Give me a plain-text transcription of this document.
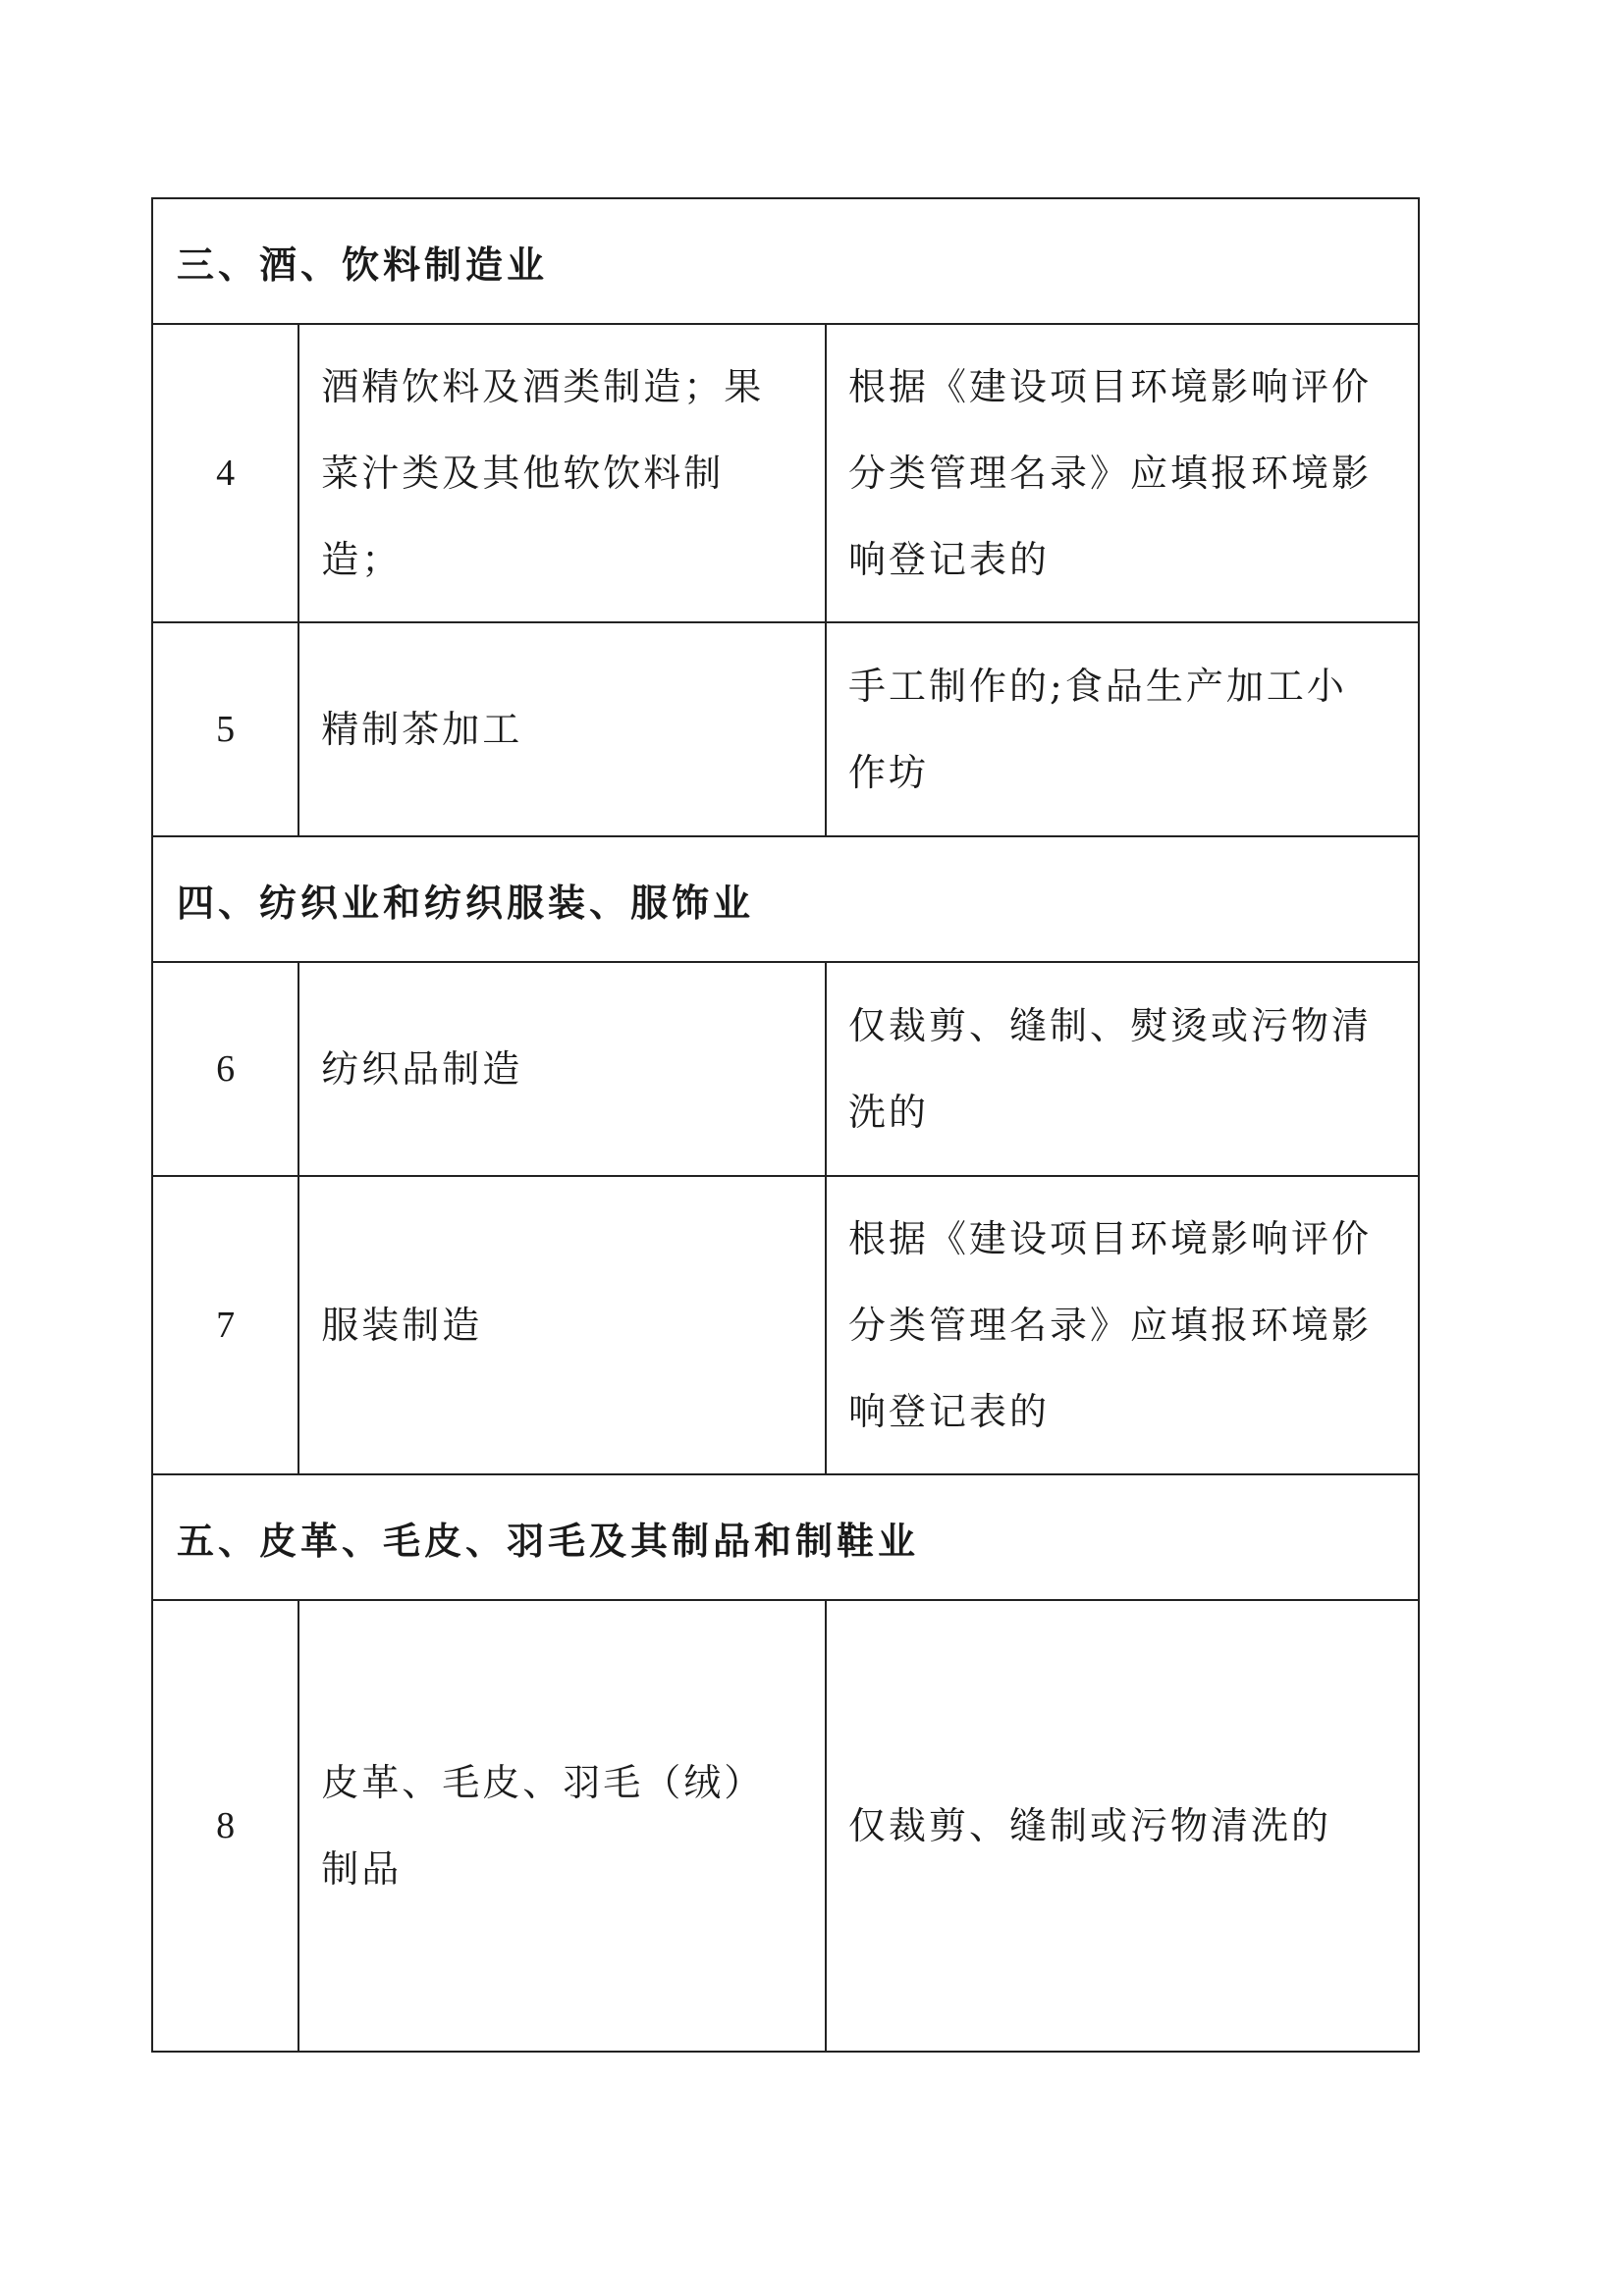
三、酒、饮料制造业		
4	酒精饮料及酒类制造；果
菜汁类及其他软饮料制
造；	根据《建设项目环境影响评价
分类管理名录》应填报环境影
响登记表的

5	精制茶加工	手工制作的;食品生产加工小
作坊

四、纺织业和纺织服装、服饰业		
6	纺织品制造	仅裁剪、缝制、熨烫或污物清
洗的

7	服装制造	根据《建设项目环境影响评价
分类管理名录》应填报环境影
响登记表的

五、皮革、毛皮、羽毛及其制品和制鞋业		
8	皮革、毛皮、羽毛（绒）
制品	仅裁剪、缝制或污物清洗的
